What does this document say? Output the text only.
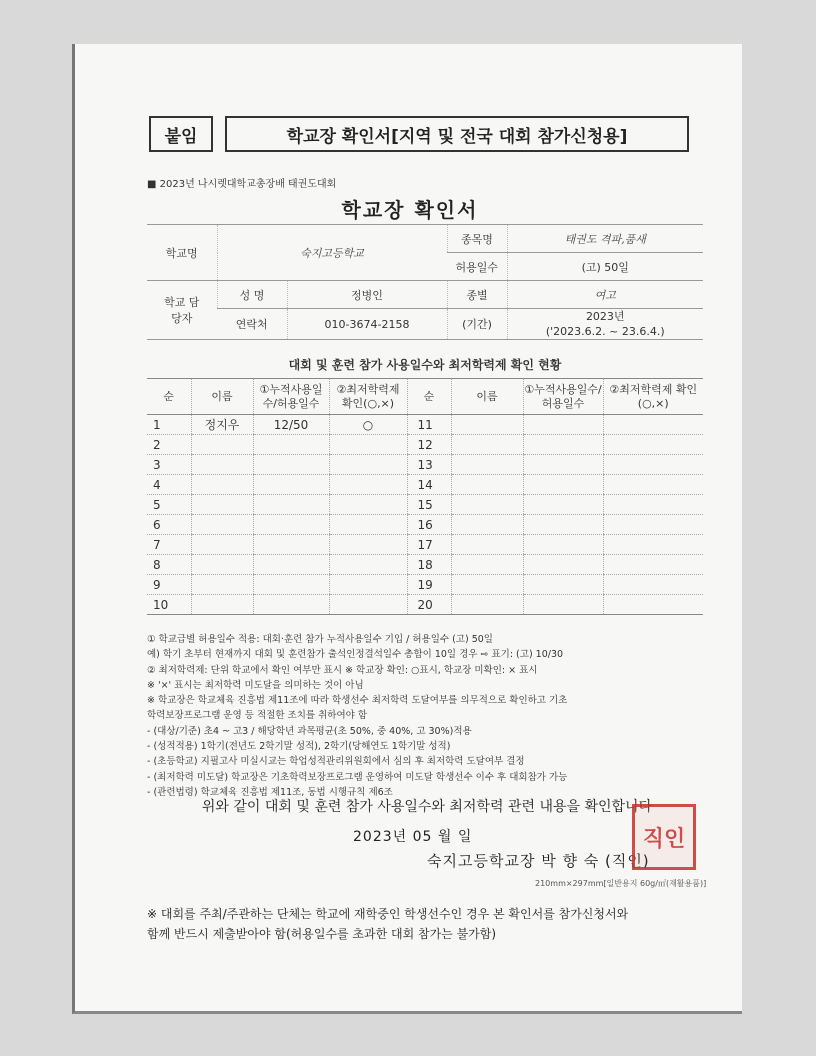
붙임	학교장 확인서[지역 및 전국 대회 참가신청용]
■ 2023년 나시렛대학교총장배 태권도대회
학교장 확인서
학교명	숙지고등학교		종목명	태권도 격파,품새
			허용일수	(고) 50일
학교 담당자	성 명	정병인	종별	여고
	연락처	010-3674-2158	(기간)	2023년
('2023.6.2. ~ 23.6.4.)
대회 및 훈련 참가 사용일수와 최저학력제 확인 현황
순	이름	①누적사용일수/허용일수	②최저학력제 확인(○,×)	순	이름	①누적사용일수/허용일수	②최저학력제 확인(○,×)
1	정지우	12/50	○	11			
2				12			
3				13			
4				14			
5				15			
6				16			
7				17			
8				18			
9				19			
10				20			
① 학교급별 허용일수 적용: 대회·훈련 참가 누적사용일수 기입 / 허용일수 (고) 50일
예) 학기 초부터 현재까지 대회 및 훈련참가 출석인정결석일수 총합이 10일 경우 ⇨ 표기: (고) 10/30
② 최저학력제: 단위 학교에서 확인 여부만 표시 ※ 학교장 확인: ○표시, 학교장 미확인: × 표시
※ '×' 표시는 최저학력 미도달을 의미하는 것이 아님
※ 학교장은 학교체육 진흥법 제11조에 따라 학생선수 최저학력 도달여부를 의무적으로 확인하고 기초
학력보장프로그램 운영 등 적절한 조치를 취하여야 함
- (대상/기준) 초4 ~ 고3 / 해당학년 과목평균(초 50%, 중 40%, 고 30%)적용
- (성적적용) 1학기(전년도 2학기말 성적), 2학기(당해연도 1학기말 성적)
- (초등학교) 지필고사 미실시교는 학업성적관리위원회에서 심의 후 최저학력 도달여부 결정
- (최저학력 미도달) 학교장은 기초학력보장프로그램 운영하여 미도달 학생선수 이수 후 대회참가 가능
- (관련법령) 학교체육 진흥법 제11조, 동법 시행규칙 제6조
위와 같이 대회 및 훈련 참가 사용일수와 최저학력 관련 내용을 확인합니다
2023년 05 월 일
숙지고등학교장 박 향 숙 (직인)
직인
210mm×297mm[일반용지 60g/㎡(재활용품)]
※ 대회를 주최/주관하는 단체는 학교에 재학중인 학생선수인 경우 본 확인서를 참가신청서와
함께 반드시 제출받아야 함(허용일수를 초과한 대회 참가는 불가함)
